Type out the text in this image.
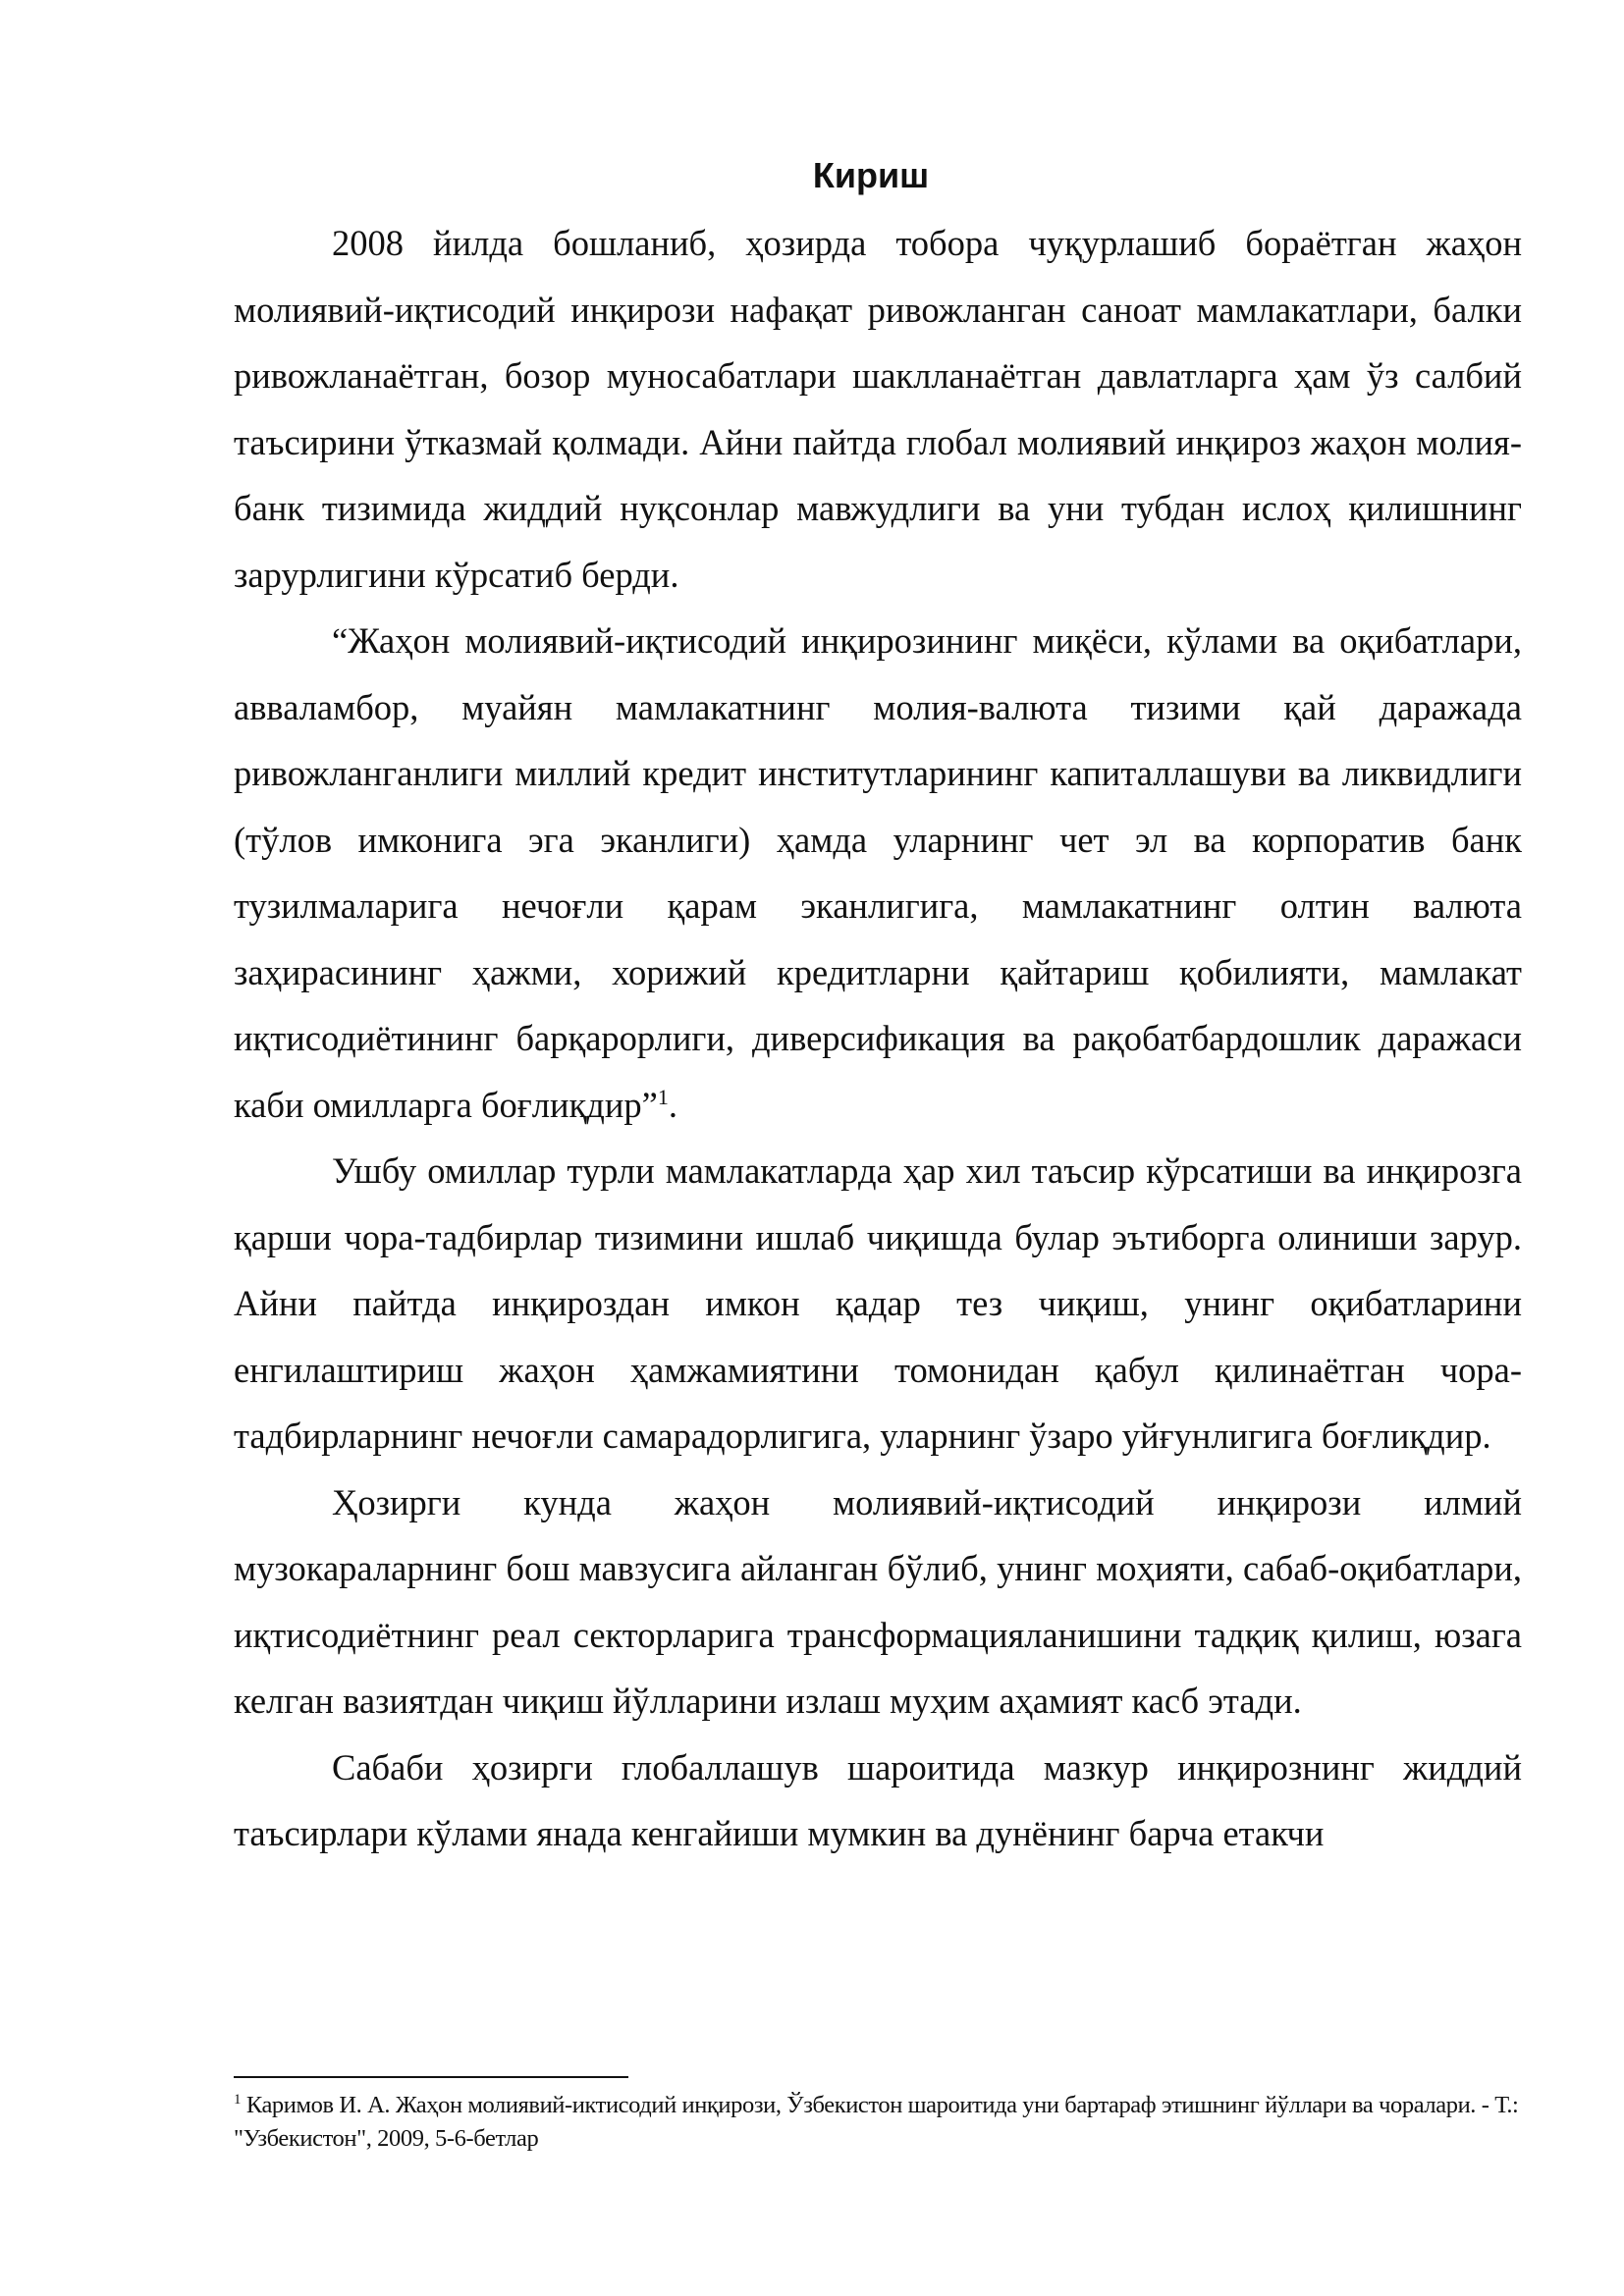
Кириш

2008 йилда бошланиб, ҳозирда тобора чуқурлашиб бораётган жаҳон молиявий-иқтисодий инқирози нафақат ривожланган саноат мамлакатлари, балки ривожланаётган, бозор муносабатлари шаклланаётган давлатларга ҳам ўз салбий таъсирини ўтказмай қолмади. Айни пайтда глобал молиявий инқироз жаҳон молия-банк тизимида жиддий нуқсонлар мавжудлиги ва уни тубдан ислоҳ қилишнинг зарурлигини кўрсатиб берди.

“Жаҳон молиявий-иқтисодий инқирозининг миқёси, кўлами ва оқибатлари, авваламбор, муайян мамлакатнинг молия-валюта тизими қай даражада ривожланганлиги миллий кредит институтларининг капиталлашуви ва ликвидлиги (тўлов имконига эга эканлиги) ҳамда уларнинг чет эл ва корпоратив банк тузилмаларига нечоғли қарам эканлигига, мамлакатнинг олтин валюта заҳирасининг ҳажми, хорижий кредитларни қайтариш қобилияти, мамлакат иқтисодиётининг барқарорлиги, диверсификация ва рақобатбардошлик даражаси каби омилларга боғлиқдир”$^1$.

Ушбу омиллар турли мамлакатларда ҳар хил таъсир кўрсатиши ва инқирозга қарши чора-тадбирлар тизимини ишлаб чиқишда булар эътиборга олиниши зарур. Айни пайтда инқироздан имкон қадар тез чиқиш, унинг оқибатларини енгилаштириш жаҳон ҳамжамиятини томонидан қабул қилинаётган чора-тадбирларнинг нечоғли самарадорлигига, уларнинг ўзаро уйғунлигига боғлиқдир.

Ҳозирги кунда жаҳон молиявий-иқтисодий инқирози илмий музокараларнинг бош мавзусига айланган бўлиб, унинг моҳияти, сабаб-оқибатлари, иқтисодиётнинг реал секторларига трансформацияланишини тадқиқ қилиш, юзага келган вазиятдан чиқиш йўлларини излаш муҳим аҳамият касб этади.

Сабаби ҳозирги глобаллашув шароитида мазкур инқирознинг жиддий таъсирлари кўлами янада кенгайиши мумкин ва дунёнинг барча етакчи

$^1$ Каримов И. А. Жаҳон молиявий-иктисодий инқирози, Ўзбекистон шароитида уни бартараф этишнинг йўллари ва чоралари. - Т.: "Узбекистон", 2009, 5-6-бетлар
